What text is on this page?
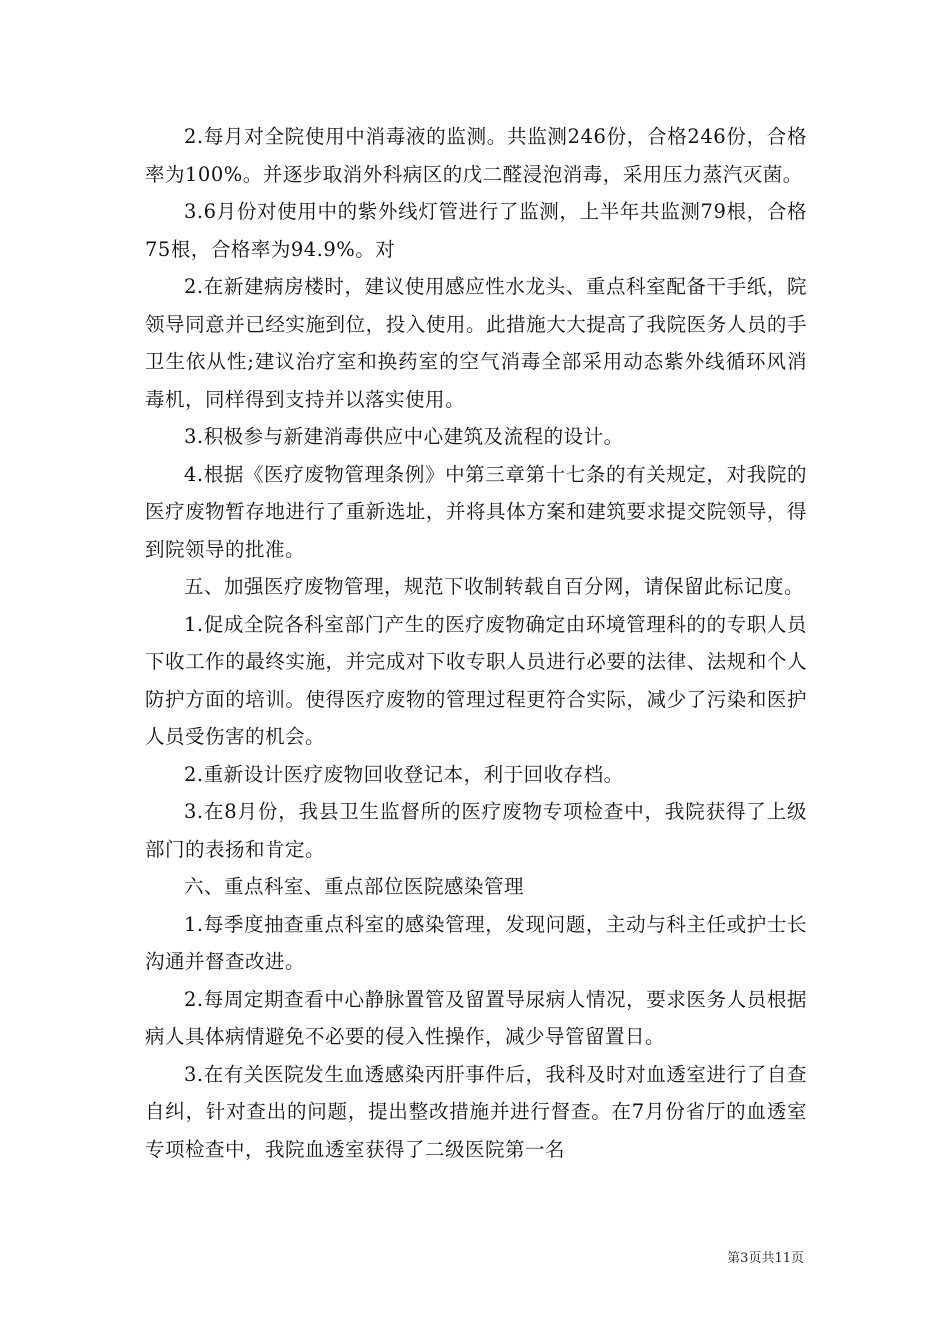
2.每月对全院使用中消毒液的监测。共监测246份，合格246份，合格率为100%。并逐步取消外科病区的戊二醛浸泡消毒，采用压力蒸汽灭菌。

3.6月份对使用中的紫外线灯管进行了监测，上半年共监测79根，合格75根，合格率为94.9%。对

2.在新建病房楼时，建议使用感应性水龙头、重点科室配备干手纸，院领导同意并已经实施到位，投入使用。此措施大大提高了我院医务人员的手卫生依从性;建议治疗室和换药室的空气消毒全部采用动态紫外线循环风消毒机，同样得到支持并以落实使用。

3.积极参与新建消毒供应中心建筑及流程的设计。

4.根据《医疗废物管理条例》中第三章第十七条的有关规定，对我院的医疗废物暂存地进行了重新选址，并将具体方案和建筑要求提交院领导，得到院领导的批准。

五、加强医疗废物管理，规范下收制转载自百分网，请保留此标记度。

1.促成全院各科室部门产生的医疗废物确定由环境管理科的的专职人员下收工作的最终实施，并完成对下收专职人员进行必要的法律、法规和个人防护方面的培训。使得医疗废物的管理过程更符合实际，减少了污染和医护人员受伤害的机会。

2.重新设计医疗废物回收登记本，利于回收存档。

3.在8月份，我县卫生监督所的医疗废物专项检查中，我院获得了上级部门的表扬和肯定。

六、重点科室、重点部位医院感染管理

1.每季度抽查重点科室的感染管理，发现问题，主动与科主任或护士长沟通并督查改进。

2.每周定期查看中心静脉置管及留置导尿病人情况，要求医务人员根据病人具体病情避免不必要的侵入性操作，减少导管留置日。

3.在有关医院发生血透感染丙肝事件后，我科及时对血透室进行了自查自纠，针对查出的问题，提出整改措施并进行督查。在7月份省厅的血透室专项检查中，我院血透室获得了二级医院第一名

第3页共11页
